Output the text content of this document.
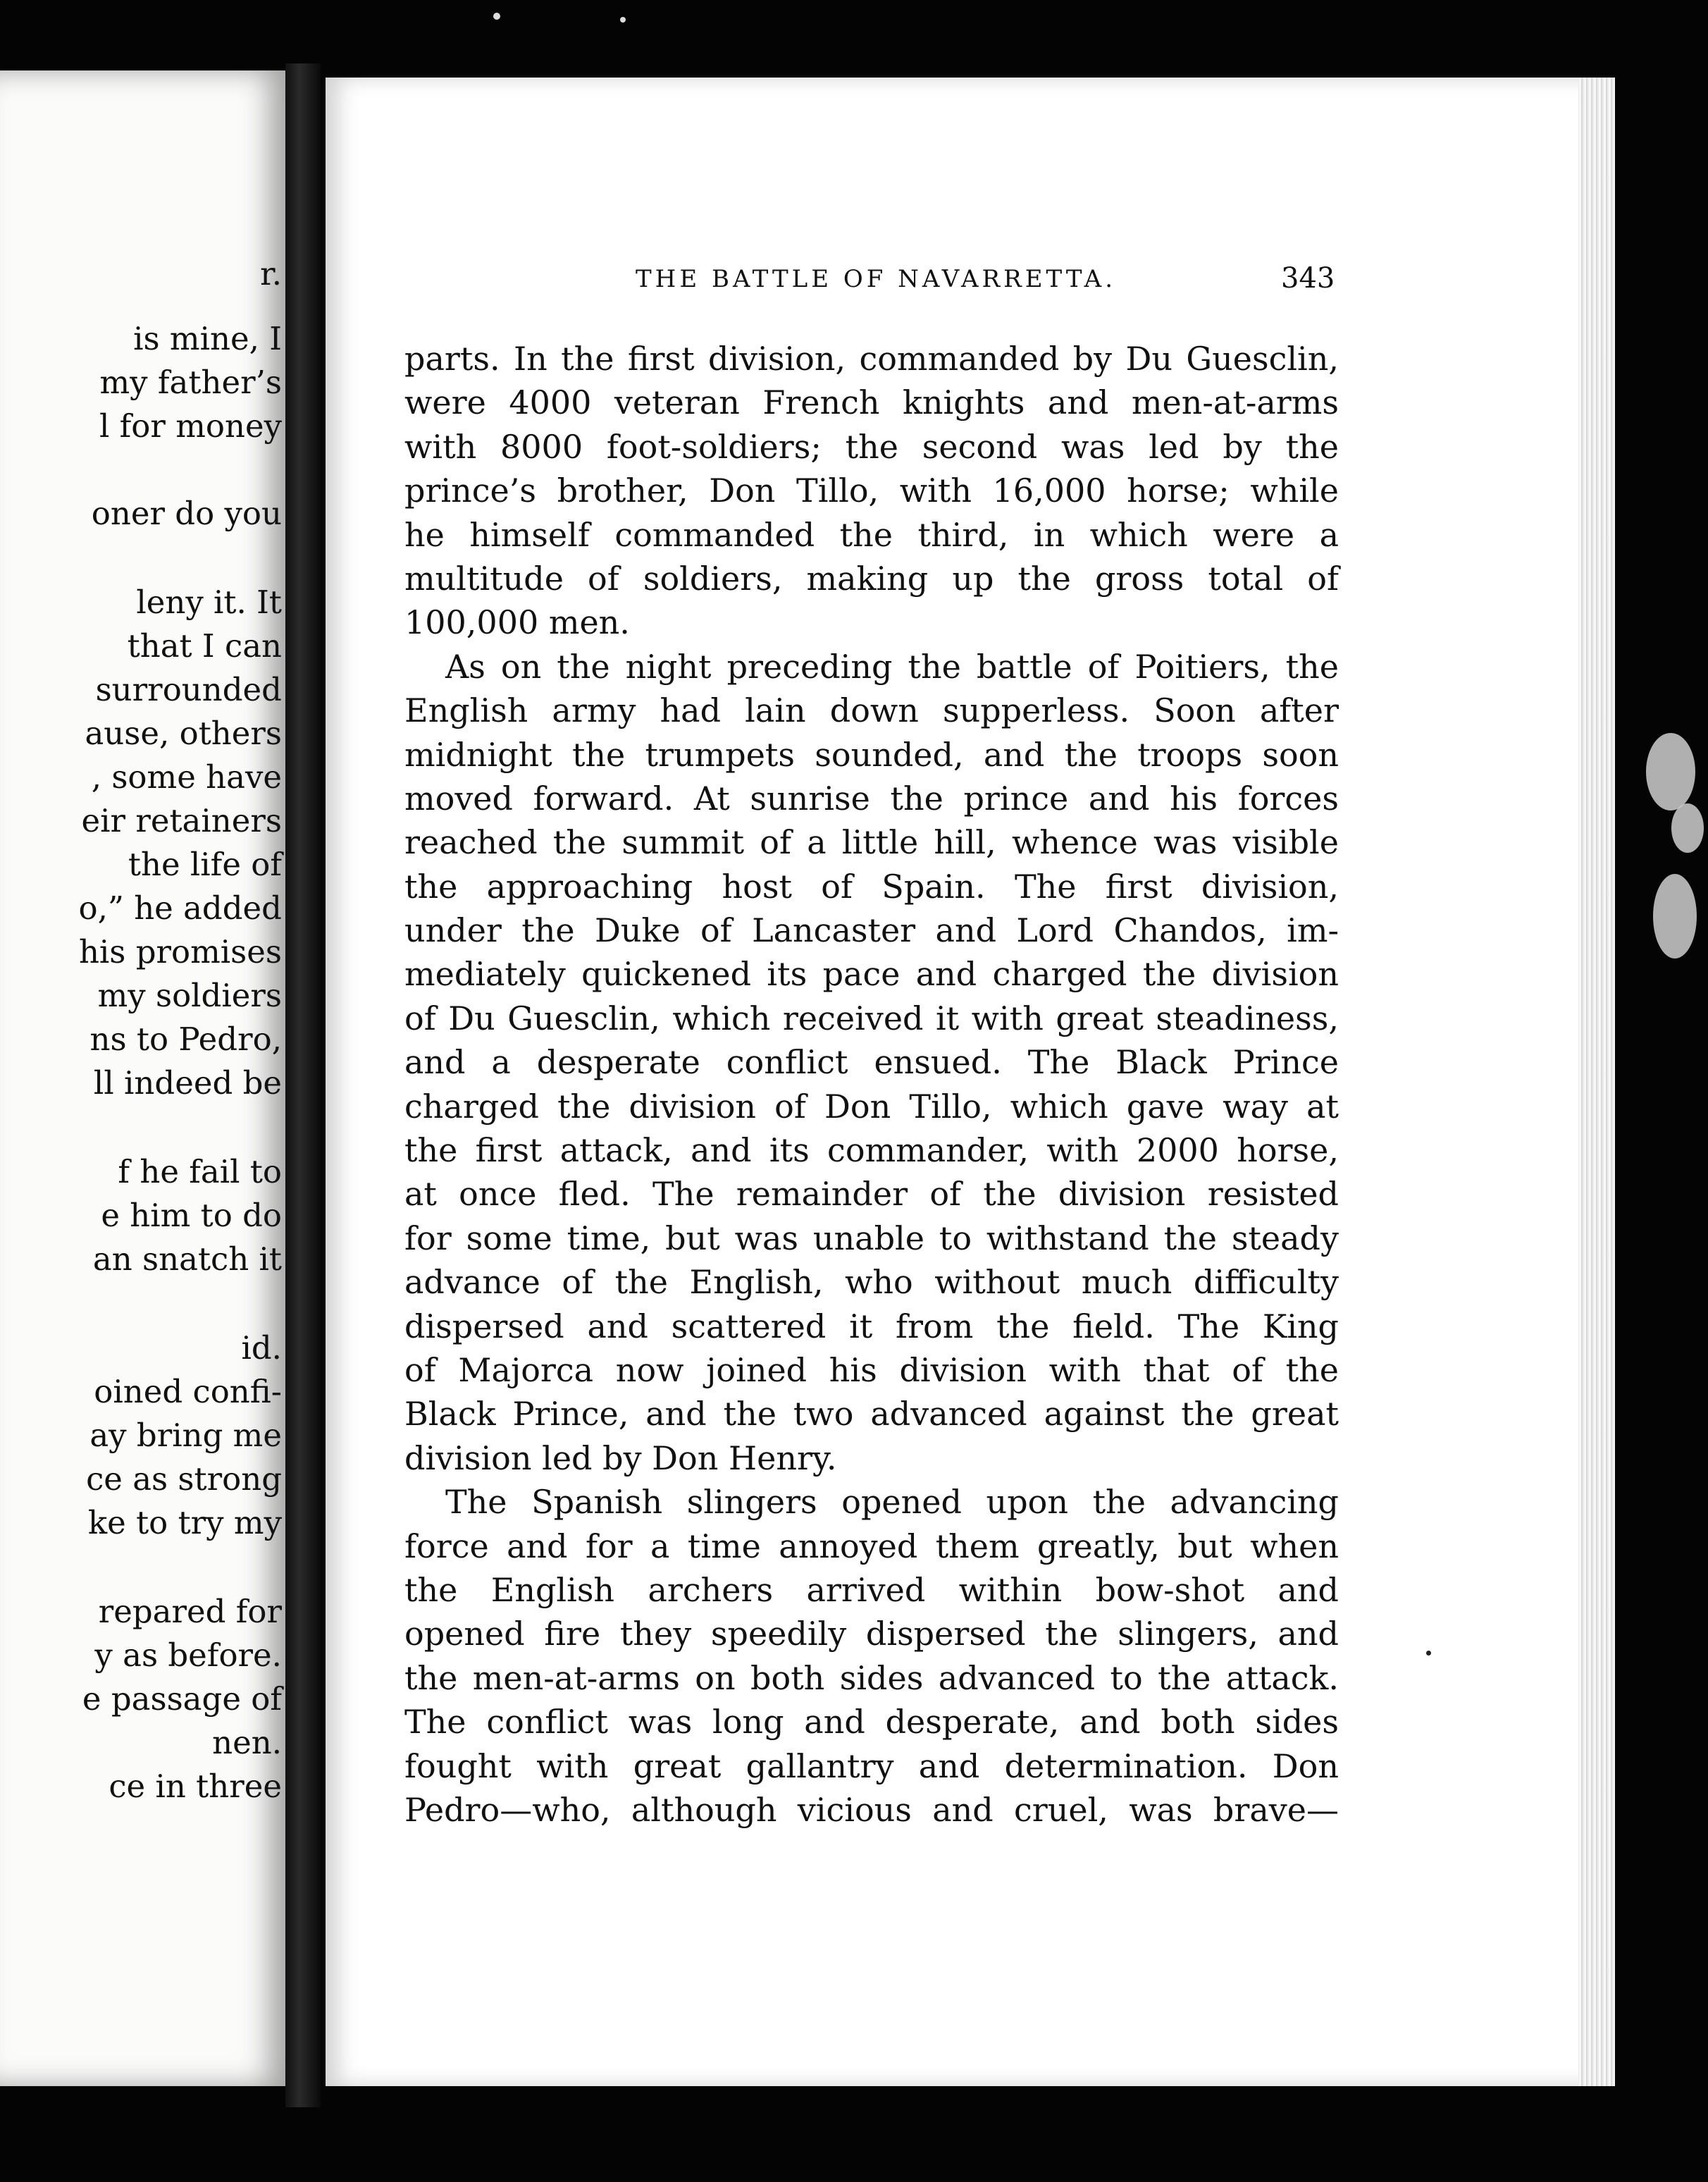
r.
is mine, I
my father’s
l for money
oner do you
leny it. It
that I can
surrounded
ause, others
, some have
eir retainers
the life of
o,” he added
his promises
my soldiers
ns to Pedro,
ll indeed be
f he fail to
e him to do
an snatch it
id.
oined confi-
ay bring me
ce as strong
ke to try my
repared for
y as before.
e passage of
nen.
ce in three
THE BATTLE OF NAVARRETTA.	343
parts. In the first division, commanded by Du Guesclin,
were 4000 veteran French knights and men-at-arms
with 8000 foot-soldiers; the second was led by the
prince’s brother, Don Tillo, with 16,000 horse; while
he himself commanded the third, in which were a
multitude of soldiers, making up the gross total of
100,000 men.
As on the night preceding the battle of Poitiers, the
English army had lain down supperless. Soon after
midnight the trumpets sounded, and the troops soon
moved forward. At sunrise the prince and his forces
reached the summit of a little hill, whence was visible
the approaching host of Spain. The first division,
under the Duke of Lancaster and Lord Chandos, im-
mediately quickened its pace and charged the division
of Du Guesclin, which received it with great steadiness,
and a desperate conflict ensued. The Black Prince
charged the division of Don Tillo, which gave way at
the first attack, and its commander, with 2000 horse,
at once fled. The remainder of the division resisted
for some time, but was unable to withstand the steady
advance of the English, who without much difficulty
dispersed and scattered it from the field. The King
of Majorca now joined his division with that of the
Black Prince, and the two advanced against the great
division led by Don Henry.
The Spanish slingers opened upon the advancing
force and for a time annoyed them greatly, but when
the English archers arrived within bow-shot and
opened fire they speedily dispersed the slingers, and
the men-at-arms on both sides advanced to the attack.
The conflict was long and desperate, and both sides
fought with great gallantry and determination. Don
Pedro—who, although vicious and cruel, was brave—
